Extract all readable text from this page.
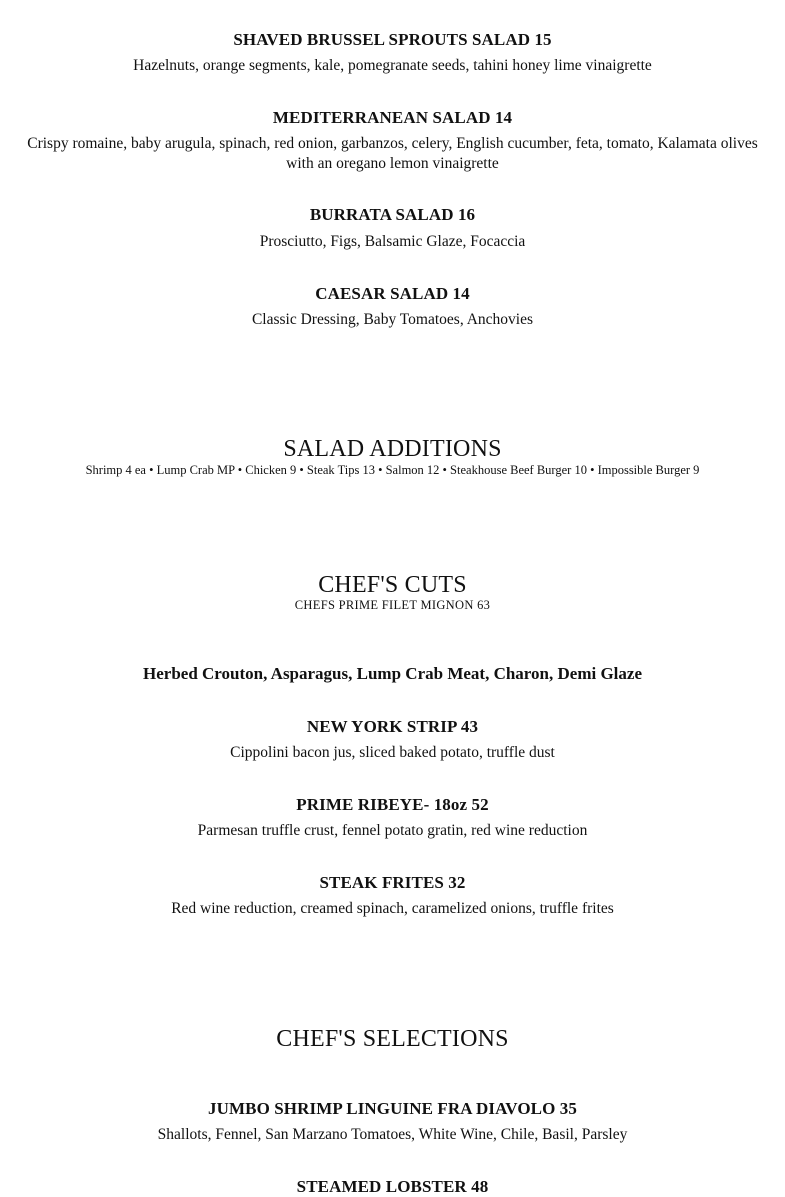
SHAVED BRUSSEL SPROUTS SALAD 15
Hazelnuts, orange segments, kale, pomegranate seeds, tahini honey lime vinaigrette
MEDITERRANEAN SALAD 14
Crispy romaine, baby arugula, spinach, red onion, garbanzos, celery, English cucumber, feta, tomato, Kalamata olives with an oregano lemon vinaigrette
BURRATA SALAD 16
Prosciutto, Figs, Balsamic Glaze, Focaccia
CAESAR SALAD 14
Classic Dressing, Baby Tomatoes, Anchovies
SALAD ADDITIONS
Shrimp 4 ea • Lump Crab MP • Chicken 9 • Steak Tips 13 • Salmon 12 • Steakhouse Beef Burger 10 • Impossible Burger 9
CHEF'S CUTS
CHEFS PRIME FILET MIGNON 63
Herbed Crouton, Asparagus, Lump Crab Meat, Charon, Demi Glaze
NEW YORK STRIP 43
Cippolini bacon jus, sliced baked potato, truffle dust
PRIME RIBEYE- 18oz 52
Parmesan truffle crust, fennel potato gratin, red wine reduction
STEAK FRITES 32
Red wine reduction, creamed spinach, caramelized onions, truffle frites
CHEF'S SELECTIONS
JUMBO SHRIMP LINGUINE FRA DIAVOLO 35
Shallots, Fennel, San Marzano Tomatoes, White Wine, Chile, Basil, Parsley
STEAMED LOBSTER 48
